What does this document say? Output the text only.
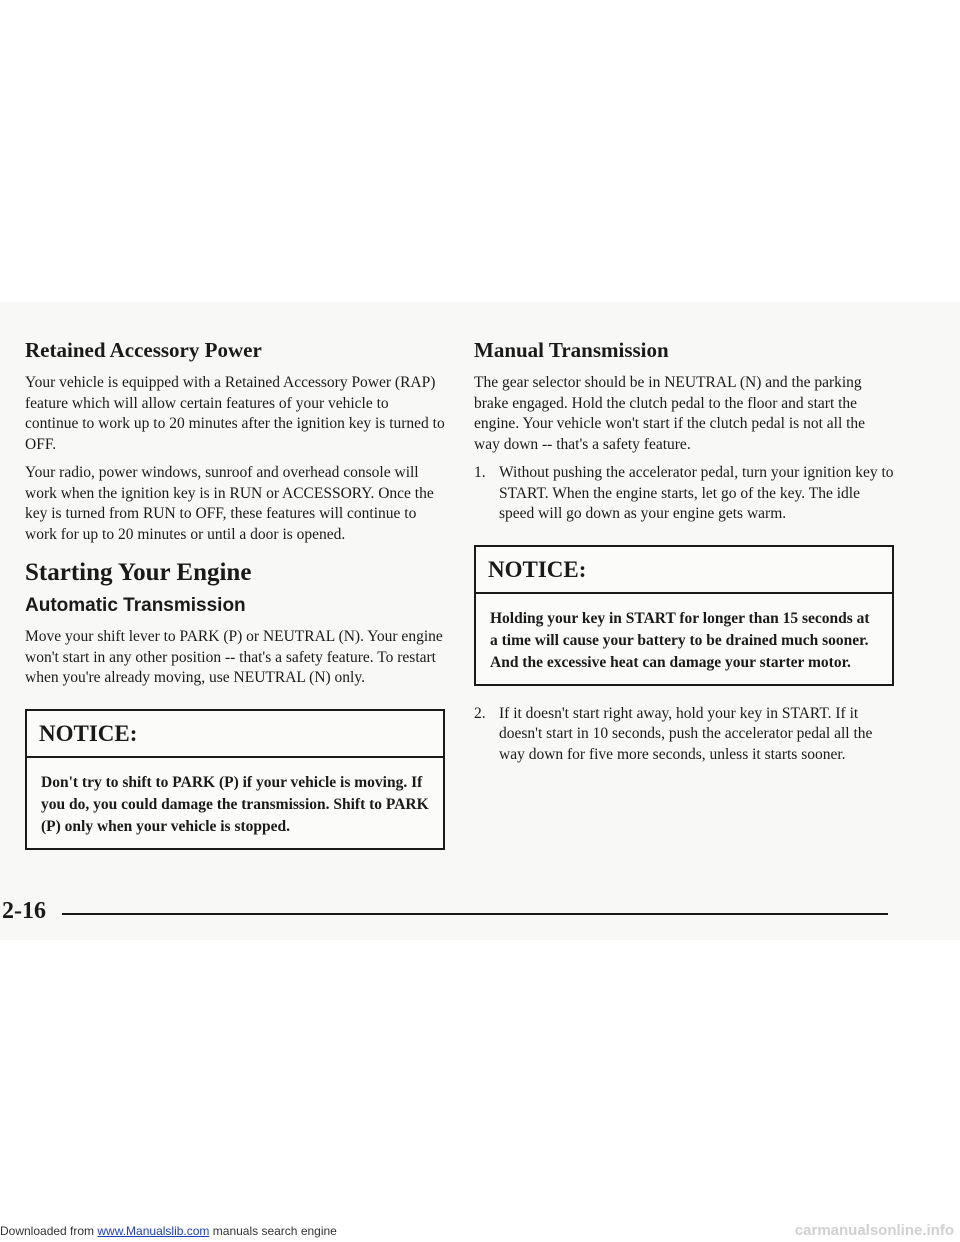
Retained Accessory Power

Your vehicle is equipped with a Retained Accessory Power (RAP) feature which will allow certain features of your vehicle to continue to work up to 20 minutes after the ignition key is turned to OFF.

Your radio, power windows, sunroof and overhead console will work when the ignition key is in RUN or ACCESSORY. Once the key is turned from RUN to OFF, these features will continue to work for up to 20 minutes or until a door is opened.

Starting Your Engine
Automatic Transmission

Move your shift lever to PARK (P) or NEUTRAL (N). Your engine won't start in any other position -- that's a safety feature. To restart when you're already moving, use NEUTRAL (N) only.

NOTICE:
Don't try to shift to PARK (P) if your vehicle is moving. If you do, you could damage the transmission. Shift to PARK (P) only when your vehicle is stopped.
Manual Transmission

The gear selector should be in NEUTRAL (N) and the parking brake engaged. Hold the clutch pedal to the floor and start the engine. Your vehicle won't start if the clutch pedal is not all the way down -- that's a safety feature.

1. Without pushing the accelerator pedal, turn your ignition key to START. When the engine starts, let go of the key. The idle speed will go down as your engine gets warm.
NOTICE:
Holding your key in START for longer than 15 seconds at a time will cause your battery to be drained much sooner. And the excessive heat can damage your starter motor.
2. If it doesn't start right away, hold your key in START. If it doesn't start in 10 seconds, push the accelerator pedal all the way down for five more seconds, unless it starts sooner.
2-16
Downloaded from www.Manualslib.com manuals search engine	carmanualsonline.info
